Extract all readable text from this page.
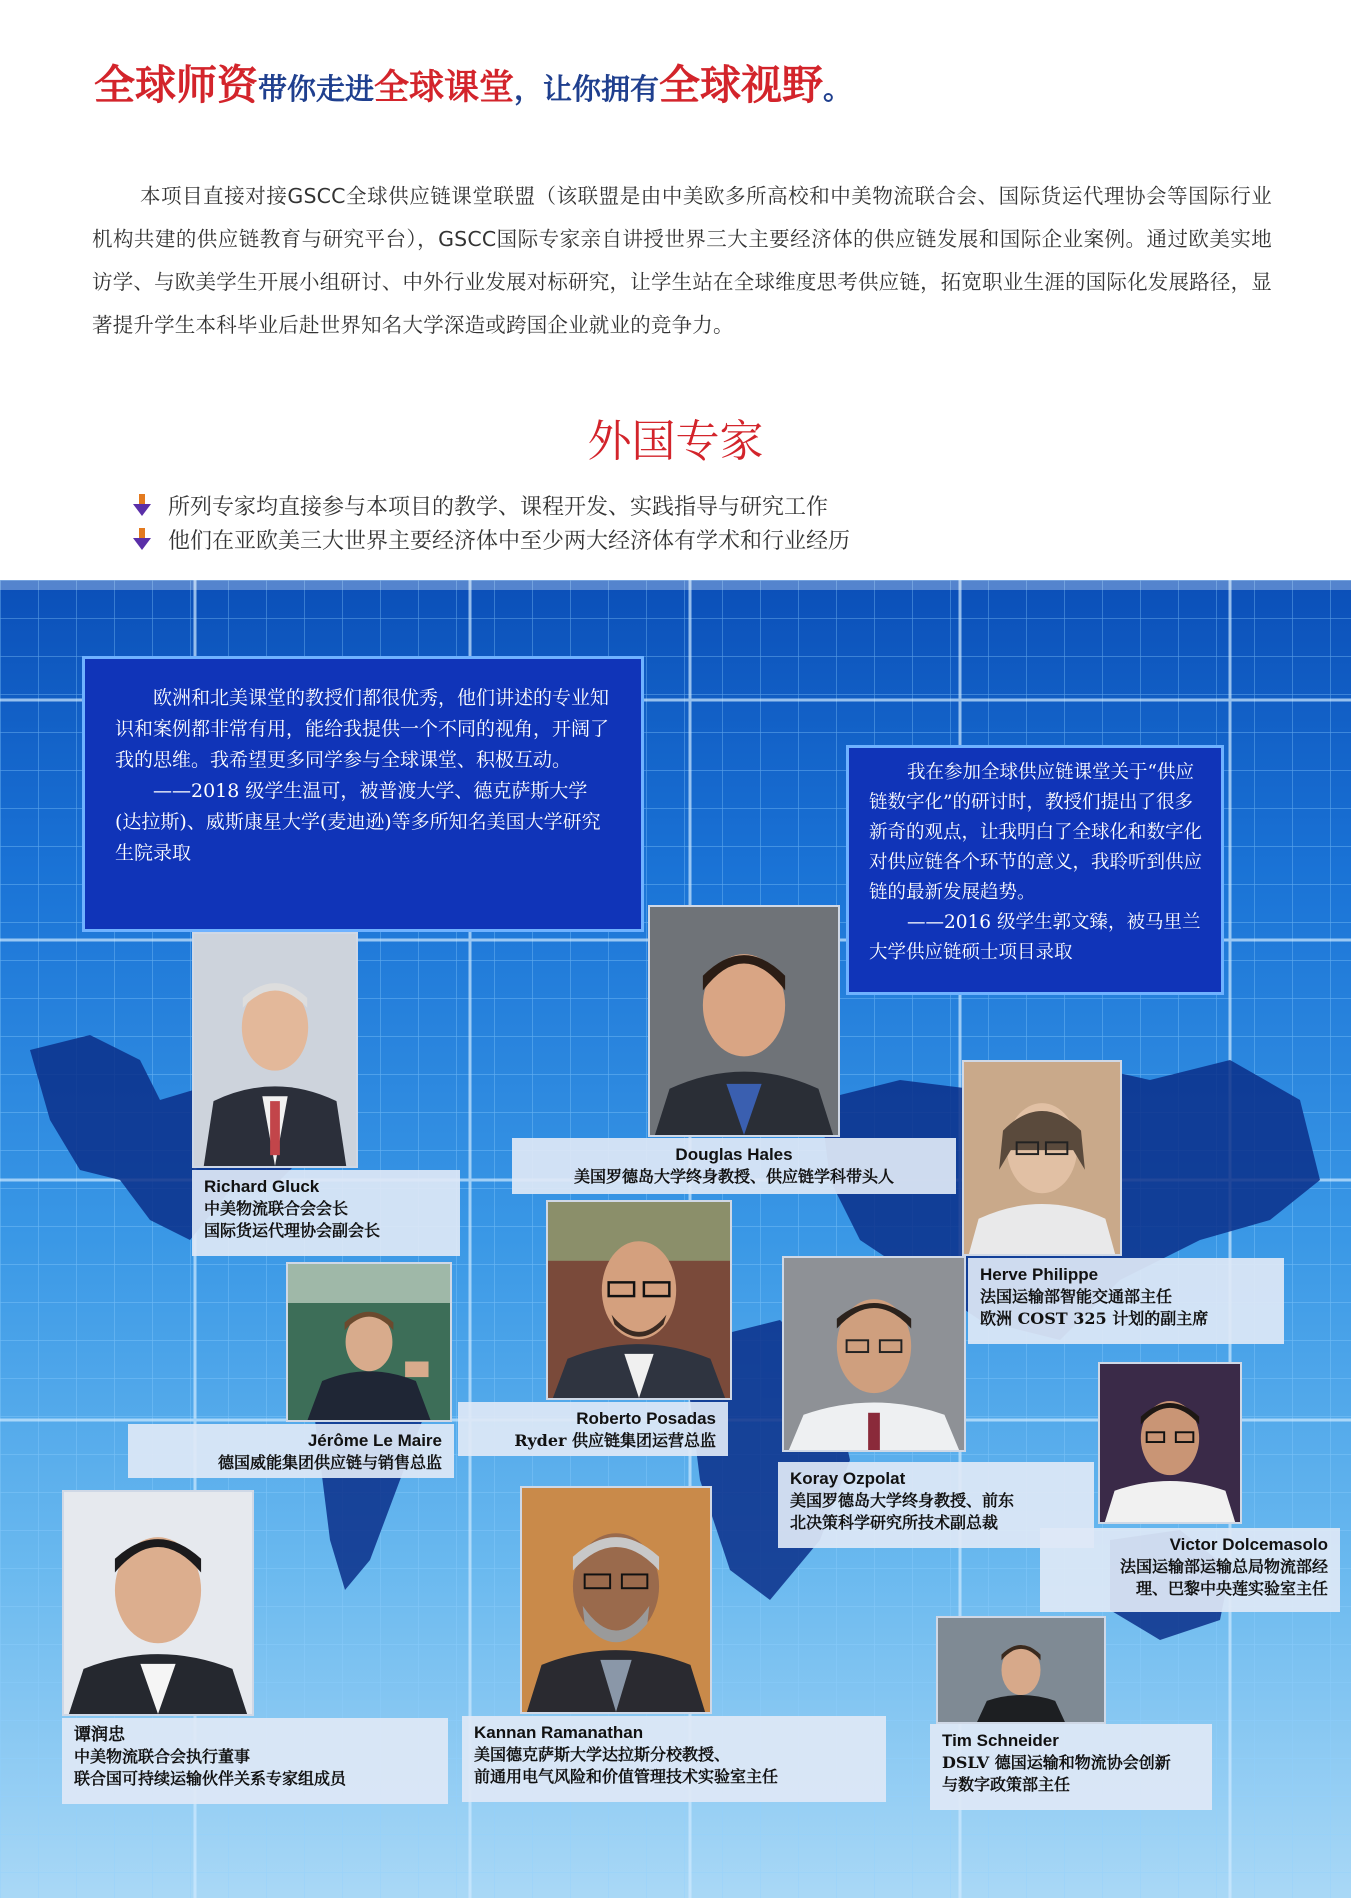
全球师资带你走进全球课堂，让你拥有全球视野。

本项目直接对接GSCC全球供应链课堂联盟（该联盟是由中美欧多所高校和中美物流联合会、国际货运代理协会等国际行业机构共建的供应链教育与研究平台），GSCC国际专家亲自讲授世界三大主要经济体的供应链发展和国际企业案例。通过欧美实地访学、与欧美学生开展小组研讨、中外行业发展对标研究，让学生站在全球维度思考供应链，拓宽职业生涯的国际化发展路径，显著提升学生本科毕业后赴世界知名大学深造或跨国企业就业的竞争力。

外国专家
所列专家均直接参与本项目的教学、课程开发、实践指导与研究工作
他们在亚欧美三大世界主要经济体中至少两大经济体有学术和行业经历

欧洲和北美课堂的教授们都很优秀，他们讲述的专业知识和案例都非常有用，能给我提供一个不同的视角，开阔了我的思维。我希望更多同学参与全球课堂、积极互动。

——2018 级学生温可，被普渡大学、德克萨斯大学(达拉斯)、威斯康星大学(麦迪逊)等多所知名美国大学研究生院录取

我在参加全球供应链课堂关于“供应链数字化”的研讨时，教授们提出了很多新奇的观点，让我明白了全球化和数字化对供应链各个环节的意义，我聆听到供应链的最新发展趋势。

——2016 级学生郭文臻，被马里兰大学供应链硕士项目录取

Richard Gluck
中美物流联合会会长
国际货运代理协会副会长
Douglas Hales
美国罗德岛大学终身教授、供应链学科带头人
Herve Philippe
法国运输部智能交通部主任
欧洲 COST 325 计划的副主席
Jérôme Le Maire
德国威能集团供应链与销售总监
Roberto Posadas
Ryder 供应链集团运营总监
Koray Ozpolat
美国罗德岛大学终身教授、前东
北决策科学研究所技术副总裁
Victor Dolcemasolo
法国运输部运输总局物流部经
理、巴黎中央莲实验室主任
谭润忠
中美物流联合会执行董事
联合国可持续运输伙伴关系专家组成员
Kannan Ramanathan
美国德克萨斯大学达拉斯分校教授、
前通用电气风险和价值管理技术实验室主任
Tim Schneider
DSLV 德国运输和物流协会创新
与数字政策部主任
